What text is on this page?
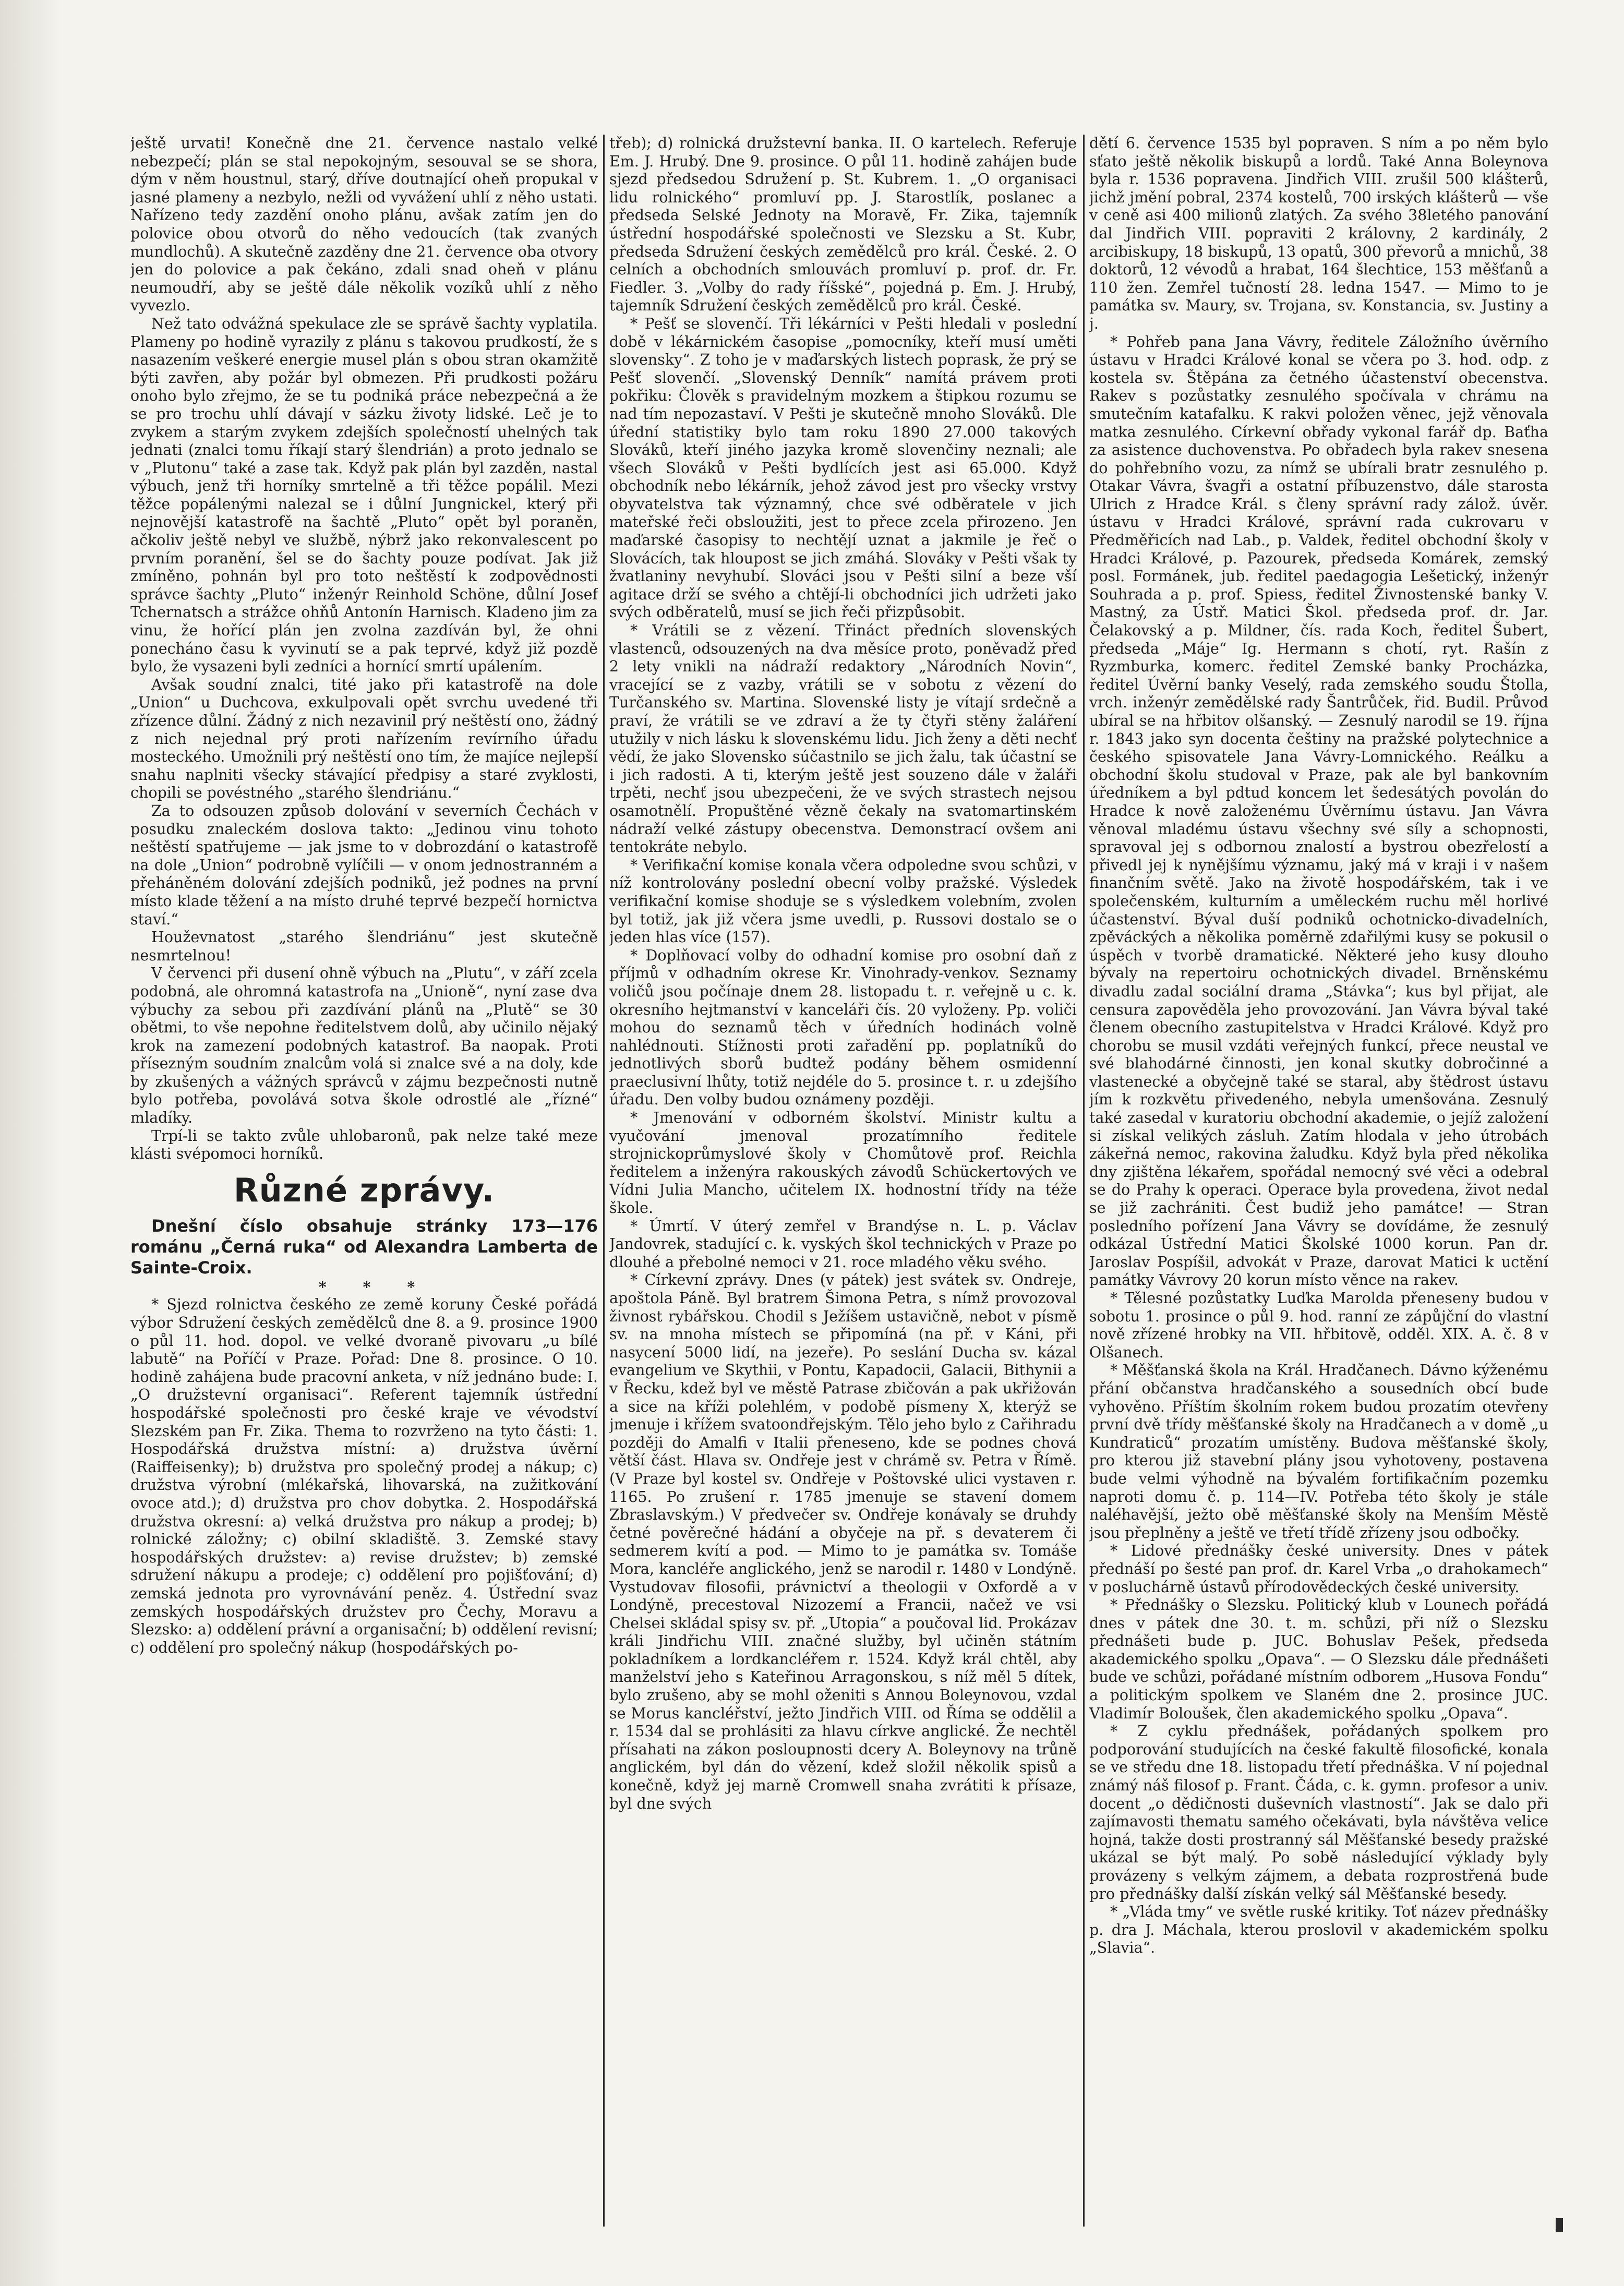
ještě urvati! Konečně dne 21. července nastalo velké nebezpečí; plán se stal nepokojným, sesouval se se shora, dým v něm houstnul, starý, dříve doutnající oheň propukal v jasné plameny a nezbylo, nežli od vyvážení uhlí z něho ustati. Nařízeno tedy zazdění onoho plánu, avšak zatím jen do polovice obou otvorů do něho vedoucích (tak zvaných mundlochů). A skutečně zazděny dne 21. července oba otvory jen do polovice a pak čekáno, zdali snad oheň v plánu neumoudří, aby se ještě dále několik vozíků uhlí z něho vyvezlo.

Než tato odvážná spekulace zle se správě šachty vyplatila. Plameny po hodině vyrazily z plánu s takovou prudkostí, že s nasazením veškeré energie musel plán s obou stran okamžitě býti zavřen, aby požár byl obmezen. Při prudkosti požáru onoho bylo zřejmo, že se tu podniká práce nebezpečná a že se pro trochu uhlí dávají v sázku životy lidské. Leč je to zvykem a starým zvykem zdejších společností uhelných tak jednati (znalci tomu říkají starý šlendrián) a proto jednalo se v „Plutonu“ také a zase tak. Když pak plán byl zazděn, nastal výbuch, jenž tři horníky smrtelně a tři těžce popálil. Mezi těžce popálenými nalezal se i důlní Jungnickel, který při nejnovější katastrofě na šachtě „Pluto“ opět byl poraněn, ačkoliv ještě nebyl ve službě, nýbrž jako rekonvalescent po prvním poranění, šel se do šachty pouze podívat. Jak již zmíněno, pohnán byl pro toto neštěstí k zodpovědnosti správce šachty „Pluto“ inženýr Reinhold Schöne, důlní Josef Tchernatsch a strážce ohňů Antonín Harnisch. Kladeno jim za vinu, že hořící plán jen zvolna zazdíván byl, že ohni ponecháno času k vyvinutí se a pak teprvé, když již pozdě bylo, že vysazeni byli zedníci a hornící smrtí upálením.

Avšak soudní znalci, tité jako při katastrofě na dole „Union“ u Duchcova, exkulpovali opět svrchu uvedené tři zřízence důlní. Žádný z nich nezavinil prý neštěstí ono, žádný z nich nejednal prý proti nařízením revírního úřadu mosteckého. Umožnili prý neštěstí ono tím, že majíce nejlepší snahu naplniti všecky stávající předpisy a staré zvyklosti, chopili se povéstného „starého šlendriánu.“

Za to odsouzen způsob dolování v severních Čechách v posudku znaleckém doslova takto: „Jedinou vinu tohoto neštěstí spatřujeme — jak jsme to v dobrozdání o katastrofě na dole „Union“ podrobně vylíčili — v onom jednostranném a přeháněném dolování zdejších podniků, jež podnes na první místo klade těžení a na místo druhé teprvé bezpečí hornictva staví.“

Houževnatost „starého šlendriánu“ jest skutečně nesmrtelnou!

V červenci při dusení ohně výbuch na „Plutu“, v září zcela podobná, ale ohromná katastrofa na „Unioně“, nyní zase dva výbuchy za sebou při zazdívání plánů na „Plutě“ se 30 obětmi, to vše nepohne ředitelstvem dolů, aby učinilo nějaký krok na zamezení podobných katastrof. Ba naopak. Proti přísezným soudním znalcům volá si znalce své a na doly, kde by zkušených a vážných správců v zájmu bezpečnosti nutně bylo potřeba, povolává sotva škole odrostlé ale „řízné“ mladíky.

Trpí-li se takto zvůle uhlobaronů, pak nelze také meze klásti svépomoci horníků.

Různé zprávy.

Dnešní číslo obsahuje stránky 173—176 románu „Černá ruka“ od Alexandra Lamberta de Sainte-Croix.

* * *

* Sjezd rolnictva českého ze země koruny České pořádá výbor Sdružení českých zemědělců dne 8. a 9. prosince 1900 o půl 11. hod. dopol. ve velké dvoraně pivovaru „u bílé labutě“ na Poříčí v Praze. Pořad: Dne 8. prosince. O 10. hodině zahájena bude pracovní anketa, v níž jednáno bude: I. „O družstevní organisaci“. Referent tajemník ústřední hospodářské společnosti pro české kraje ve vévodství Slezském pan Fr. Zika. Thema to rozvrženo na tyto části: 1. Hospodářská družstva místní: a) družstva úvěrní (Raiffeisenky); b) družstva pro společný prodej a nákup; c) družstva výrobní (mlékařská, lihovarská, na zužitkování ovoce atd.); d) družstva pro chov dobytka. 2. Hospodářská družstva okresní: a) velká družstva pro nákup a prodej; b) rolnické záložny; c) obilní skladiště. 3. Zemské stavy hospodářských družstev: a) revise družstev; b) zemské sdružení nákupu a prodeje; c) oddělení pro pojišťování; d) zemská jednota pro vyrovnávání peněz. 4. Ústřední svaz zemských hospodářských družstev pro Čechy, Moravu a Slezsko: a) oddělení právní a organisační; b) oddělení revisní; c) oddělení pro společný nákup (hospodářských po-

třeb); d) rolnická družstevní banka. II. O kartelech. Referuje Em. J. Hrubý. Dne 9. prosince. O půl 11. hodině zahájen bude sjezd předsedou Sdružení p. St. Kubrem. 1. „O organisaci lidu rolnického“ promluví pp. J. Starostlík, poslanec a předseda Selské Jednoty na Moravě, Fr. Zika, tajemník ústřední hospodářské společnosti ve Slezsku a St. Kubr, předseda Sdružení českých zemědělců pro král. České. 2. O celních a obchodních smlouvách promluví p. prof. dr. Fr. Fiedler. 3. „Volby do rady říšské“, pojedná p. Em. J. Hrubý, tajemník Sdružení českých zemědělců pro král. České.

* Pešť se slovenčí. Tři lékárníci v Pešti hledali v poslední době v lékárnickém časopise „pomocníky, kteří musí uměti slovensky“. Z toho je v maďarských listech poprask, že prý se Pešť slovenčí. „Slovenský Denník“ namítá právem proti pokřiku: Člověk s pravidelným mozkem a štipkou rozumu se nad tím nepozastaví. V Pešti je skutečně mnoho Slováků. Dle úřední statistiky bylo tam roku 1890 27.000 takových Slováků, kteří jiného jazyka kromě slovenčiny neznali; ale všech Slováků v Pešti bydlících jest asi 65.000. Když obchodník nebo lékárník, jehož závod jest pro všecky vrstvy obyvatelstva tak významný, chce své odběratele v jich mateřské řeči obsloužiti, jest to přece zcela přirozeno. Jen maďarské časopisy to nechtějí uznat a jakmile je řeč o Slovácích, tak hloupost se jich zmáhá. Slováky v Pešti však ty žvatlaniny nevyhubí. Slováci jsou v Pešti silní a beze vší agitace drží se svého a chtějí-li obchodníci jich udržeti jako svých odběratelů, musí se jich řeči přizpůsobit.

* Vrátili se z vězení. Třináct předních slovenských vlastenců, odsouzených na dva měsíce proto, poněvadž před 2 lety vnikli na nádraží redaktory „Národních Novin“, vracející se z vazby, vrátili se v sobotu z vězení do Turčanského sv. Martina. Slovenské listy je vítají srdečně a praví, že vrátili se ve zdraví a že ty čtyři stěny žaláření utužily v nich lásku k slovenskému lidu. Jich ženy a děti nechť vědí, že jako Slovensko súčastnilo se jich žalu, tak účastní se i jich radosti. A ti, kterým ještě jest souzeno dále v žaláři trpěti, nechť jsou ubezpečeni, že ve svých strastech nejsou osamotnělí. Propuštěné vězně čekaly na svatomartinském nádraží velké zástupy obecenstva. Demonstrací ovšem ani tentokráte nebylo.

* Verifikační komise konala včera odpoledne svou schůzi, v níž kontrolovány poslední obecní volby pražské. Výsledek verifikační komise shoduje se s výsledkem volebním, zvolen byl totiž, jak již včera jsme uvedli, p. Russovi dostalo se o jeden hlas více (157).

* Doplňovací volby do odhadní komise pro osobní daň z příjmů v odhadním okrese Kr. Vinohrady-venkov. Seznamy voličů jsou počínaje dnem 28. listopadu t. r. veřejně u c. k. okresního hejtmanství v kanceláři čís. 20 vyloženy. Pp. voliči mohou do seznamů těch v úředních hodinách volně nahlédnouti. Stížnosti proti zařadění pp. poplatníků do jednotlivých sborů budtež podány během osmidenní praeclusivní lhůty, totiž nejdéle do 5. prosince t. r. u zdejšího úřadu. Den volby budou oznámeny později.

* Jmenování v odborném školství. Ministr kultu a vyučování jmenoval prozatímního ředitele strojnickoprůmyslové školy v Chomůtově prof. Reichla ředitelem a inženýra rakouských závodů Schückertových ve Vídni Julia Mancho, učitelem IX. hodnostní třídy na téže škole.

* Úmrtí. V úterý zemřel v Brandýse n. L. p. Václav Jandovrek, stadující c. k. vyských škol technických v Praze po dlouhé a přebolné nemoci v 21. roce mladého věku svého.

* Církevní zprávy. Dnes (v pátek) jest svátek sv. Ondreje, apoštola Páně. Byl bratrem Šimona Petra, s nímž provozoval živnost rybářskou. Chodil s Ježíšem ustavičně, nebot v písmě sv. na mnoha místech se připomíná (na př. v Káni, při nasycení 5000 lidí, na jezeře). Po seslání Ducha sv. kázal evangelium ve Skythii, v Pontu, Kapadocii, Galacii, Bithynii a v Řecku, kdež byl ve městě Patrase zbičován a pak ukřižován a sice na kříži polehlém, v podobě písmeny X, kterýž se jmenuje i křížem svatoondřejským. Tělo jeho bylo z Cařihradu později do Amalfi v Italii přeneseno, kde se podnes chová větší část. Hlava sv. Ondřeje jest v chrámě sv. Petra v Římě. (V Praze byl kostel sv. Ondřeje v Poštovské ulici vystaven r. 1165. Po zrušení r. 1785 jmenuje se stavení domem Zbraslavským.) V předvečer sv. Ondřeje konávaly se druhdy četné pověrečné hádání a obyčeje na př. s devaterem či sedmerem kvítí a pod. — Mimo to je památka sv. Tomáše Mora, kancléře anglického, jenž se narodil r. 1480 v Londýně. Vystudovav filosofii, právnictví a theologii v Oxfordě a v Londýně, precestoval Nizozemí a Francii, načež ve vsi Chelsei skládal spisy sv. př. „Utopia“ a poučoval lid. Prokázav králi Jindřichu VIII. značné služby, byl učiněn státním pokladníkem a lordkancléřem r. 1524. Když král chtěl, aby manželství jeho s Kateřinou Arragonskou, s níž měl 5 dítek, bylo zrušeno, aby se mohl oženiti s Annou Boleynovou, vzdal se Morus kancléřství, ježto Jindřich VIII. od Říma se oddělil a r. 1534 dal se prohlásiti za hlavu církve anglické. Že nechtěl přísahati na zákon posloupnosti dcery A. Boleynovy na trůně anglickém, byl dán do vězení, kdež složil několik spisů a konečně, když jej marně Cromwell snaha zvrátiti k přísaze, byl dne svých

dětí 6. července 1535 byl popraven. S ním a po něm bylo sťato ještě několik biskupů a lordů. Také Anna Boleynova byla r. 1536 popravena. Jindřich VIII. zrušil 500 klášterů, jichž jmění pobral, 2374 kostelů, 700 irských klášterů — vše v ceně asi 400 milionů zlatých. Za svého 38letého panování dal Jindřich VIII. popraviti 2 královny, 2 kardinály, 2 arcibiskupy, 18 biskupů, 13 opatů, 300 převorů a mnichů, 38 doktorů, 12 vévodů a hrabat, 164 šlechtice, 153 měšťanů a 110 žen. Zemřel tučností 28. ledna 1547. — Mimo to je památka sv. Maury, sv. Trojana, sv. Konstancia, sv. Justiny a j.

* Pohřeb pana Jana Vávry, ředitele Záložního úvěrního ústavu v Hradci Králové konal se včera po 3. hod. odp. z kostela sv. Štěpána za četného účastenství obecenstva. Rakev s pozůstatky zesnulého spočívala v chrámu na smutečním katafalku. K rakvi položen věnec, jejž věnovala matka zesnulého. Církevní obřady vykonal farář dp. Baťha za asistence duchovenstva. Po obřadech byla rakev snesena do pohřebního vozu, za nímž se ubírali bratr zesnulého p. Otakar Vávra, švagři a ostatní příbuzenstvo, dále starosta Ulrich z Hradce Král. s členy správní rady zálož. úvěr. ústavu v Hradci Králové, správní rada cukrovaru v Předměřicích nad Lab., p. Valdek, ředitel obchodní školy v Hradci Králové, p. Pazourek, předseda Komárek, zemský posl. Formánek, jub. ředitel paedagogia Lešetický, inženýr Souhrada a p. prof. Spiess, ředitel Živnostenské banky V. Mastný, za Ústř. Matici Škol. předseda prof. dr. Jar. Čelakovský a p. Mildner, čís. rada Koch, ředitel Šubert, předseda „Máje“ Ig. Hermann s chotí, ryt. Rašín z Ryzmburka, komerc. ředitel Zemské banky Procházka, ředitel Úvěrní banky Veselý, rada zemského soudu Štolla, vrch. inženýr zemědělské rady Šantrůček, řid. Budil. Průvod ubíral se na hřbitov olšanský. — Zesnulý narodil se 19. října r. 1843 jako syn docenta češtiny na pražské polytechnice a českého spisovatele Jana Vávry-Lomnického. Reálku a obchodní školu studoval v Praze, pak ale byl bankovním úředníkem a byl pdtud koncem let šedesátých povolán do Hradce k nově založenému Úvěrnímu ústavu. Jan Vávra věnoval mladému ústavu všechny své síly a schopnosti, spravoval jej s odbornou znalostí a bystrou obezřelostí a přivedl jej k nynějšímu významu, jaký má v kraji i v našem finančním světě. Jako na životě hospodářském, tak i ve společenském, kulturním a uměleckém ruchu měl horlivé účastenství. Býval duší podniků ochotnicko-divadelních, zpěváckých a několika poměrně zdařilými kusy se pokusil o úspěch v tvorbě dramatické. Některé jeho kusy dlouho bývaly na repertoiru ochotnických divadel. Brněnskému divadlu zadal sociální drama „Stávka“; kus byl přijat, ale censura zapověděla jeho provozování. Jan Vávra býval také členem obecního zastupitelstva v Hradci Králové. Když pro chorobu se musil vzdáti veřejných funkcí, přece neustal ve své blahodárné činnosti, jen konal skutky dobročinné a vlastenecké a obyčejně také se staral, aby štědrost ústavu jím k rozkvětu přivedeného, nebyla umenšována. Zesnulý také zasedal v kuratoriu obchodní akademie, o jejíž založení si získal velikých zásluh. Zatím hlodala v jeho útrobách zákeřná nemoc, rakovina žaludku. Když byla před několika dny zjištěna lékařem, spořádal nemocný své věci a odebral se do Prahy k operaci. Operace byla provedena, život nedal se již zachrániti. Čest budiž jeho památce! — Stran posledního pořízení Jana Vávry se dovídáme, že zesnulý odkázal Ústřední Matici Školské 1000 korun. Pan dr. Jaroslav Pospíšil, advokát v Praze, darovat Matici k uctění památky Vávrovy 20 korun místo věnce na rakev.

* Tělesné pozůstatky Luďka Marolda přeneseny budou v sobotu 1. prosince o půl 9. hod. ranní ze zápůjční do vlastní nově zřízené hrobky na VII. hřbitově, odděl. XIX. A. č. 8 v Olšanech.

* Měšťanská škola na Král. Hradčanech. Dávno kýženému přání občanstva hradčanského a sousedních obcí bude vyhověno. Příštím školním rokem budou prozatím otevřeny první dvě třídy měšťanské školy na Hradčanech a v domě „u Kundraticů“ prozatím umístěny. Budova měšťanské školy, pro kterou již stavební plány jsou vyhotoveny, postavena bude velmi výhodně na bývalém fortifikačním pozemku naproti domu č. p. 114—IV. Potřeba této školy je stále naléhavější, ježto obě měšťanské školy na Menším Městě jsou přeplněny a ještě ve třetí třídě zřízeny jsou odbočky.

* Lidové přednášky české university. Dnes v pátek přednáší po šesté pan prof. dr. Karel Vrba „o drahokamech“ v posluchárně ústavů přírodovědeckých české university.

* Přednášky o Slezsku. Politický klub v Lounech pořádá dnes v pátek dne 30. t. m. schůzi, při níž o Slezsku přednášeti bude p. JUC. Bohuslav Pešek, předseda akademického spolku „Opava“. — O Slezsku dále přednášeti bude ve schůzi, pořádané místním odborem „Husova Fondu“ a politickým spolkem ve Slaném dne 2. prosince JUC. Vladimír Boloušek, člen akademického spolku „Opava“.

* Z cyklu přednášek, pořádaných spolkem pro podporování studujících na české fakultě filosofické, konala se ve středu dne 18. listopadu třetí přednáška. V ní pojednal známý náš filosof p. Frant. Čáda, c. k. gymn. profesor a univ. docent „o dědičnosti duševních vlastností“. Jak se dalo při zajímavosti thematu samého očekávati, byla návštěva velice hojná, takže dosti prostranný sál Měšťanské besedy pražské ukázal se být malý. Po sobě následující výklady byly provázeny s velkým zájmem, a debata rozprostřená bude pro přednášky další získán velký sál Měšťanské besedy.

* „Vláda tmy“ ve světle ruské kritiky. Toť název přednášky p. dra J. Máchala, kterou proslovil v akademickém spolku „Slavia“.
